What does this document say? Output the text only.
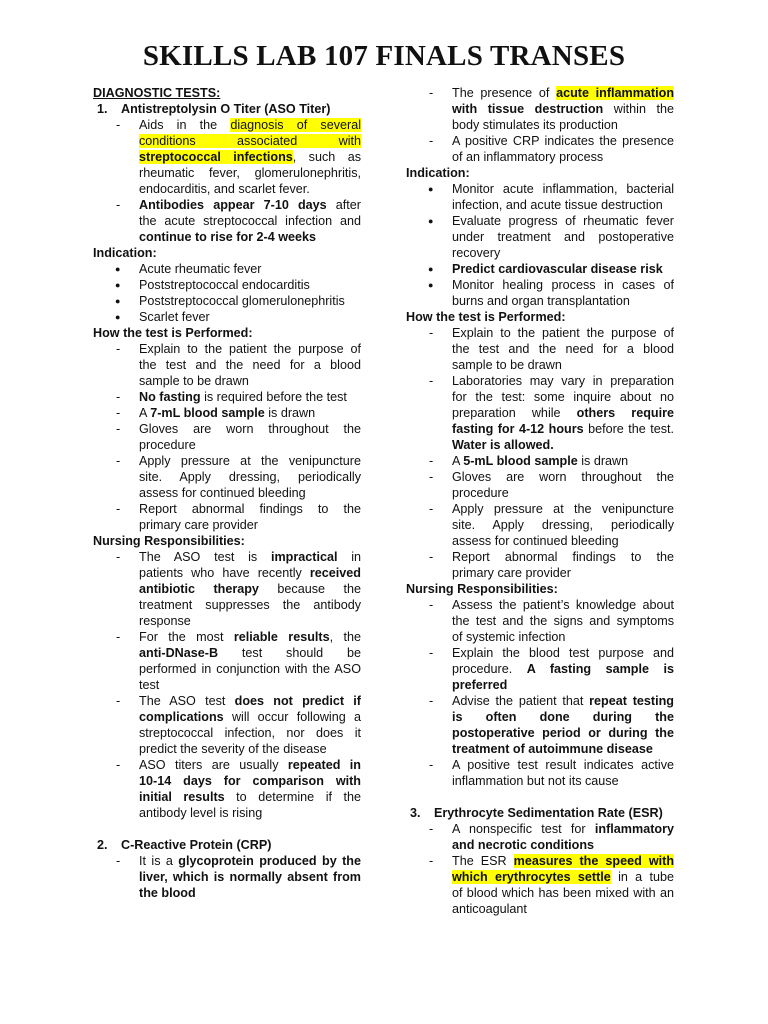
SKILLS LAB 107 FINALS TRANSES
DIAGNOSTIC TESTS:
1. Antistreptolysin O Titer (ASO Titer)
- Aids in the diagnosis of several
conditions associated with
streptococcal infections, such as
rheumatic fever, glomerulonephritis,
endocarditis, and scarlet fever.
- Antibodies appear 7-10 days after
the acute streptococcal infection and
continue to rise for 2-4 weeks
Indication:
● Acute rheumatic fever
● Poststreptococcal endocarditis
● Poststreptococcal glomerulonephritis
● Scarlet fever
How the test is Performed:
- Explain to the patient the purpose of
the test and the need for a blood
sample to be drawn
- No fasting is required before the test
- A 7-mL blood sample is drawn
- Gloves are worn throughout the
procedure
- Apply pressure at the venipuncture
site. Apply dressing, periodically
assess for continued bleeding
- Report abnormal findings to the
primary care provider
Nursing Responsibilities:
- The ASO test is impractical in
patients who have recently received
antibiotic therapy because the
treatment suppresses the antibody
response
- For the most reliable results, the
anti-DNase-B test should be
performed in conjunction with the ASO
test
- The ASO test does not predict if
complications will occur following a
streptococcal infection, nor does it
predict the severity of the disease
- ASO titers are usually repeated in
10-14 days for comparison with
initial results to determine if the
antibody level is rising
2. C-Reactive Protein (CRP)
- It is a glycoprotein produced by the
liver, which is normally absent from
the blood
- The presence of acute inflammation
with tissue destruction within the
body stimulates its production
- A positive CRP indicates the presence
of an inflammatory process
Indication:
● Monitor acute inflammation, bacterial
infection, and acute tissue destruction
● Evaluate progress of rheumatic fever
under treatment and postoperative
recovery
● Predict cardiovascular disease risk
● Monitor healing process in cases of
burns and organ transplantation
How the test is Performed:
- Explain to the patient the purpose of
the test and the need for a blood
sample to be drawn
- Laboratories may vary in preparation
for the test: some inquire about no
preparation while others require
fasting for 4-12 hours before the test.
Water is allowed.
- A 5-mL blood sample is drawn
- Gloves are worn throughout the
procedure
- Apply pressure at the venipuncture
site. Apply dressing, periodically
assess for continued bleeding
- Report abnormal findings to the
primary care provider
Nursing Responsibilities:
- Assess the patient’s knowledge about
the test and the signs and symptoms
of systemic infection
- Explain the blood test purpose and
procedure. A fasting sample is
preferred
- Advise the patient that repeat testing
is often done during the
postoperative period or during the
treatment of autoimmune disease
- A positive test result indicates active
inflammation but not its cause
3. Erythrocyte Sedimentation Rate (ESR)
- A nonspecific test for inflammatory
and necrotic conditions
- The ESR measures the speed with
which erythrocytes settle in a tube
of blood which has been mixed with an
anticoagulant
